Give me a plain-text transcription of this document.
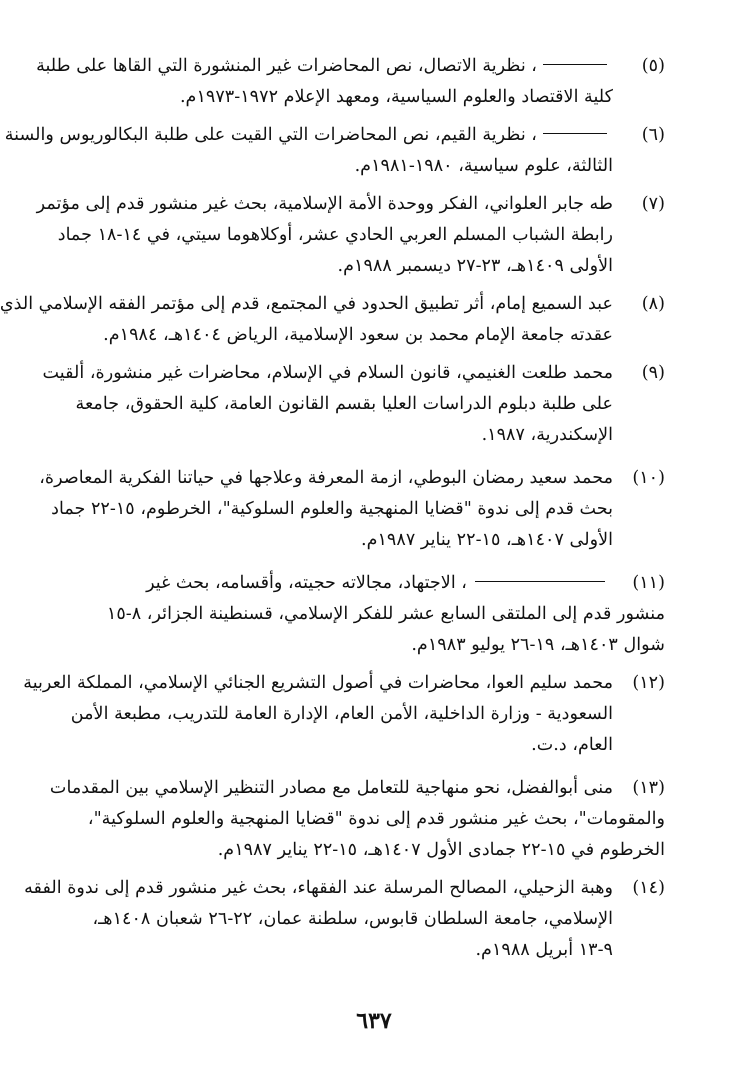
(٥)
، نظرية الاتصال، نص المحاضرات غير المنشورة التي القاها على طلبة
كلية الاقتصاد والعلوم السياسية، ومعهد الإعلام ١٩٧٢-١٩٧٣م.

(٦)
، نظرية القيم، نص المحاضرات التي القيت على طلبة البكالوريوس والسنة
الثالثة، علوم سياسية، ١٩٨٠-١٩٨١م.

(٧)
طه جابر العلواني، الفكر ووحدة الأمة الإسلامية، بحث غير منشور قدم إلى مؤتمر
رابطة الشباب المسلم العربي الحادي عشر، أوكلاهوما سيتي، في ١٤-١٨ جماد
الأولى ١٤٠٩هـ، ٢٣-٢٧ ديسمبر ١٩٨٨م.

(٨)
عبد السميع إمام، أثر تطبيق الحدود في المجتمع، قدم إلى مؤتمر الفقه الإسلامي الذي
عقدته جامعة الإمام محمد بن سعود الإسلامية، الرياض ١٤٠٤هـ، ١٩٨٤م.

(٩)
محمد طلعت الغنيمي، قانون السلام في الإسلام، محاضرات غير منشورة، ألقيت
على طلبة دبلوم الدراسات العليا بقسم القانون العامة، كلية الحقوق، جامعة
الإسكندرية، ١٩٨٧.

(١٠)
محمد سعيد رمضان البوطي، ازمة المعرفة وعلاجها في حياتنا الفكرية المعاصرة،
بحث قدم إلى ندوة "قضايا المنهجية والعلوم السلوكية"، الخرطوم، ١٥-٢٢ جماد
الأولى ١٤٠٧هـ، ١٥-٢٢ يناير ١٩٨٧م.

(١١)
، الاجتهاد، مجالاته حجيته، وأقسامه، بحث غير
منشور قدم إلى الملتقى السابع عشر للفكر الإسلامي، قسنطينة الجزائر، ٨-١٥
شوال ١٤٠٣هـ، ١٩-٢٦ يوليو ١٩٨٣م.

(١٢)
محمد سليم العوا، محاضرات في أصول التشريع الجنائي الإسلامي، المملكة العربية
السعودية - وزارة الداخلية، الأمن العام، الإدارة العامة للتدريب، مطبعة الأمن
العام، د.ت.

(١٣)
منى أبوالفضل، نحو منهاجية للتعامل مع مصادر التنظير الإسلامي بين المقدمات
والمقومات"، بحث غير منشور قدم إلى ندوة "قضايا المنهجية والعلوم السلوكية"،
الخرطوم في ١٥-٢٢ جمادى الأول ١٤٠٧هـ، ١٥-٢٢ يناير ١٩٨٧م.

(١٤)
وهبة الزحيلي، المصالح المرسلة عند الفقهاء، بحث غير منشور قدم إلى ندوة الفقه
الإسلامي، جامعة السلطان قابوس، سلطنة عمان، ٢٢-٢٦ شعبان ١٤٠٨هـ،
٩-١٣ أبريل ١٩٨٨م.

٦٣٧
